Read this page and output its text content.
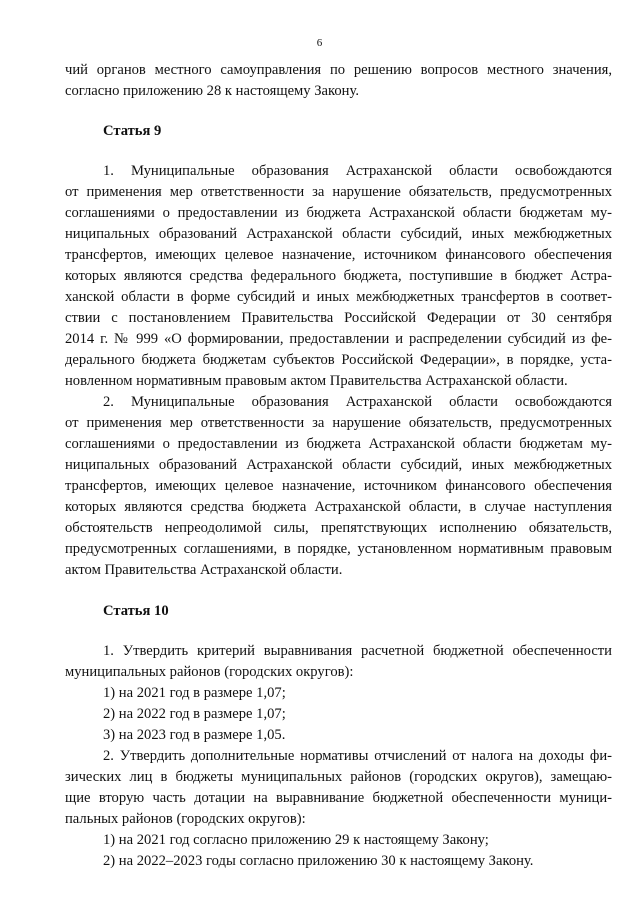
6
чий органов местного самоуправления по решению вопросов местного значения,
согласно приложению 28 к настоящему Закону.
Статья 9
1. Муниципальные образования Астраханской области освобождаются
от применения мер ответственности за нарушение обязательств, предусмотренных
соглашениями о предоставлении из бюджета Астраханской области бюджетам му-
ниципальных образований Астраханской области субсидий, иных межбюджетных
трансфертов, имеющих целевое назначение, источником финансового обеспечения
которых являются средства федерального бюджета, поступившие в бюджет Астра-
ханской области в форме субсидий и иных межбюджетных трансфертов в соответ-
ствии с постановлением Правительства Российской Федерации от 30 сентября
2014 г. № 999 «О формировании, предоставлении и распределении субсидий из фе-
дерального бюджета бюджетам субъектов Российской Федерации», в порядке, уста-
новленном нормативным правовым актом Правительства Астраханской области.
2. Муниципальные образования Астраханской области освобождаются
от применения мер ответственности за нарушение обязательств, предусмотренных
соглашениями о предоставлении из бюджета Астраханской области бюджетам му-
ниципальных образований Астраханской области субсидий, иных межбюджетных
трансфертов, имеющих целевое назначение, источником финансового обеспечения
которых являются средства бюджета Астраханской области, в случае наступления
обстоятельств непреодолимой силы, препятствующих исполнению обязательств,
предусмотренных соглашениями, в порядке, установленном нормативным правовым
актом Правительства Астраханской области.
Статья 10
1. Утвердить критерий выравнивания расчетной бюджетной обеспеченности
муниципальных районов (городских округов):
1) на 2021 год в размере 1,07;
2) на 2022 год в размере 1,07;
3) на 2023 год в размере 1,05.
2. Утвердить дополнительные нормативы отчислений от налога на доходы фи-
зических лиц в бюджеты муниципальных районов (городских округов), замещаю-
щие вторую часть дотации на выравнивание бюджетной обеспеченности муници-
пальных районов (городских округов):
1) на 2021 год согласно приложению 29 к настоящему Закону;
2) на 2022–2023 годы согласно приложению 30 к настоящему Закону.
